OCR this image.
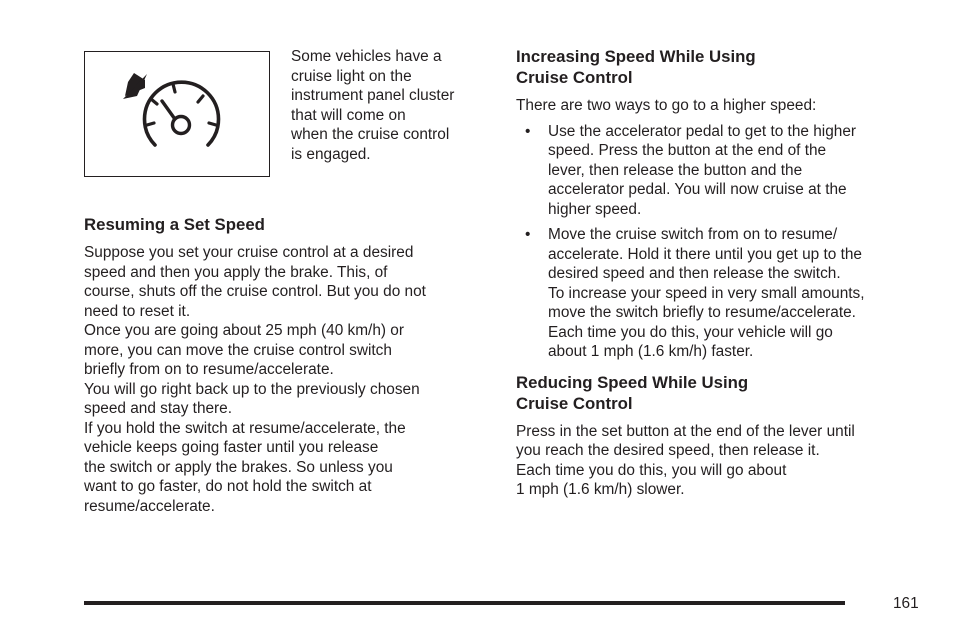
Some vehicles have a
cruise light on the
instrument panel cluster
that will come on
when the cruise control
is engaged.
Resuming a Set Speed

Suppose you set your cruise control at a desired
speed and then you apply the brake. This, of
course, shuts off the cruise control. But you do not
need to reset it.

Once you are going about 25 mph (40 km/h) or
more, you can move the cruise control switch
briefly from on to resume/accelerate.

You will go right back up to the previously chosen
speed and stay there.

If you hold the switch at resume/accelerate, the
vehicle keeps going faster until you release
the switch or apply the brakes. So unless you
want to go faster, do not hold the switch at
resume/accelerate.

Increasing Speed While Using
Cruise Control

There are two ways to go to a higher speed:

• Use the accelerator pedal to get to the higher
speed. Press the button at the end of the
lever, then release the button and the
accelerator pedal. You will now cruise at the
higher speed.
• Move the cruise switch from on to resume/
accelerate. Hold it there until you get up to the
desired speed and then release the switch.
To increase your speed in very small amounts,
move the switch briefly to resume/accelerate.
Each time you do this, your vehicle will go
about 1 mph (1.6 km/h) faster.
Reducing Speed While Using
Cruise Control

Press in the set button at the end of the lever until
you reach the desired speed, then release it.
Each time you do this, you will go about
1 mph (1.6 km/h) slower.

161
